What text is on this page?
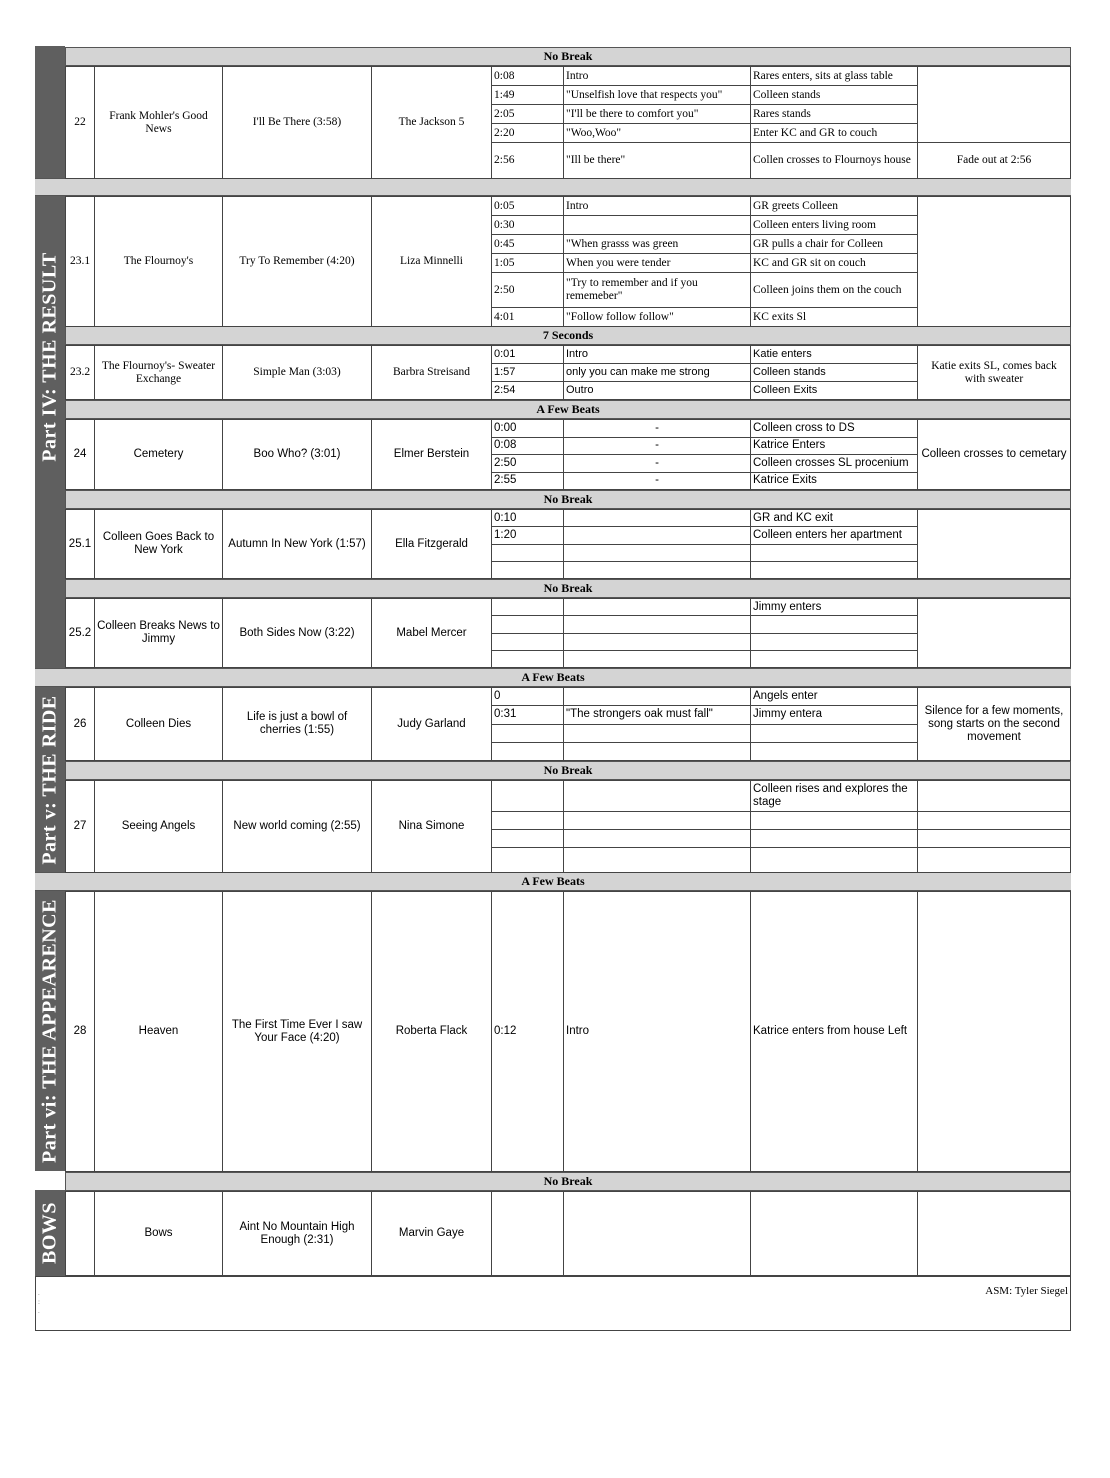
Part IV: THE RESULT
Part v: THE RIDE
Part vi: THE APPEARENCE
BOWS
No Break
7 Seconds
A Few Beats
No Break
No Break
A Few Beats
No Break
A Few Beats
No Break
22	Frank Mohler's Good News	I'll Be There (3:58)	The Jackson 5	0:08	Intro	Rares enters, sits at glass table	
				1:49	"Unselfish love that respects you"	Colleen stands	
				2:05	"I'll be there to comfort you"	Rares stands	
				2:20	"Woo,Woo"	Enter KC and GR to couch	
				2:56	"Ill be there"	Collen crosses to Flournoys house	Fade out at 2:56
23.1	The Flournoy's	Try To Remember (4:20)	Liza Minnelli	0:05	Intro	GR greets Colleen	
				0:30		Colleen enters living room	
				0:45	"When grasss was green	GR pulls a chair for Colleen	
				1:05	When you were tender	KC and GR sit on couch	
				2:50	"Try to remember and if you rememeber"	Colleen joins them on the couch	
				4:01	"Follow follow follow"	KC exits Sl	
23.2	The Flournoy's- Sweater Exchange	Simple Man (3:03)	Barbra Streisand	0:01	Intro	Katie enters	Katie exits SL, comes back with sweater
				1:57	only you can make me strong	Colleen stands	
				2:54	Outro	Colleen Exits	
24	Cemetery	Boo Who? (3:01)	Elmer Berstein	0:00	-	Colleen cross to DS	Colleen crosses to cemetary
				0:08	-	Katrice Enters	
				2:50	-	Colleen crosses SL procenium	
				2:55	-	Katrice Exits	
25.1	Colleen Goes Back to New York	Autumn In New York (1:57)	Ella Fitzgerald	0:10		GR and KC exit	
				1:20		Colleen enters her apartment	

25.2	Colleen Breaks News to Jimmy	Both Sides Now (3:22)	Mabel Mercer			Jimmy enters	

26	Colleen Dies	Life is just a bowl of cherries (1:55)	Judy Garland	0		Angels enter	Silence for a few moments, song starts on the second movement
				0:31	"The strongers oak must fall"	Jimmy entera	

27	Seeing Angels	New world coming (2:55)	Nina Simone			Colleen rises and explores the stage	

28	Heaven	The First Time Ever I saw Your Face (4:20)	Roberta Flack	0:12	Intro	Katrice enters from house Left	
	Bows	Aint No Mountain High Enough (2:31)	Marvin Gaye				
.
:
.
ASM: Tyler Siegel
